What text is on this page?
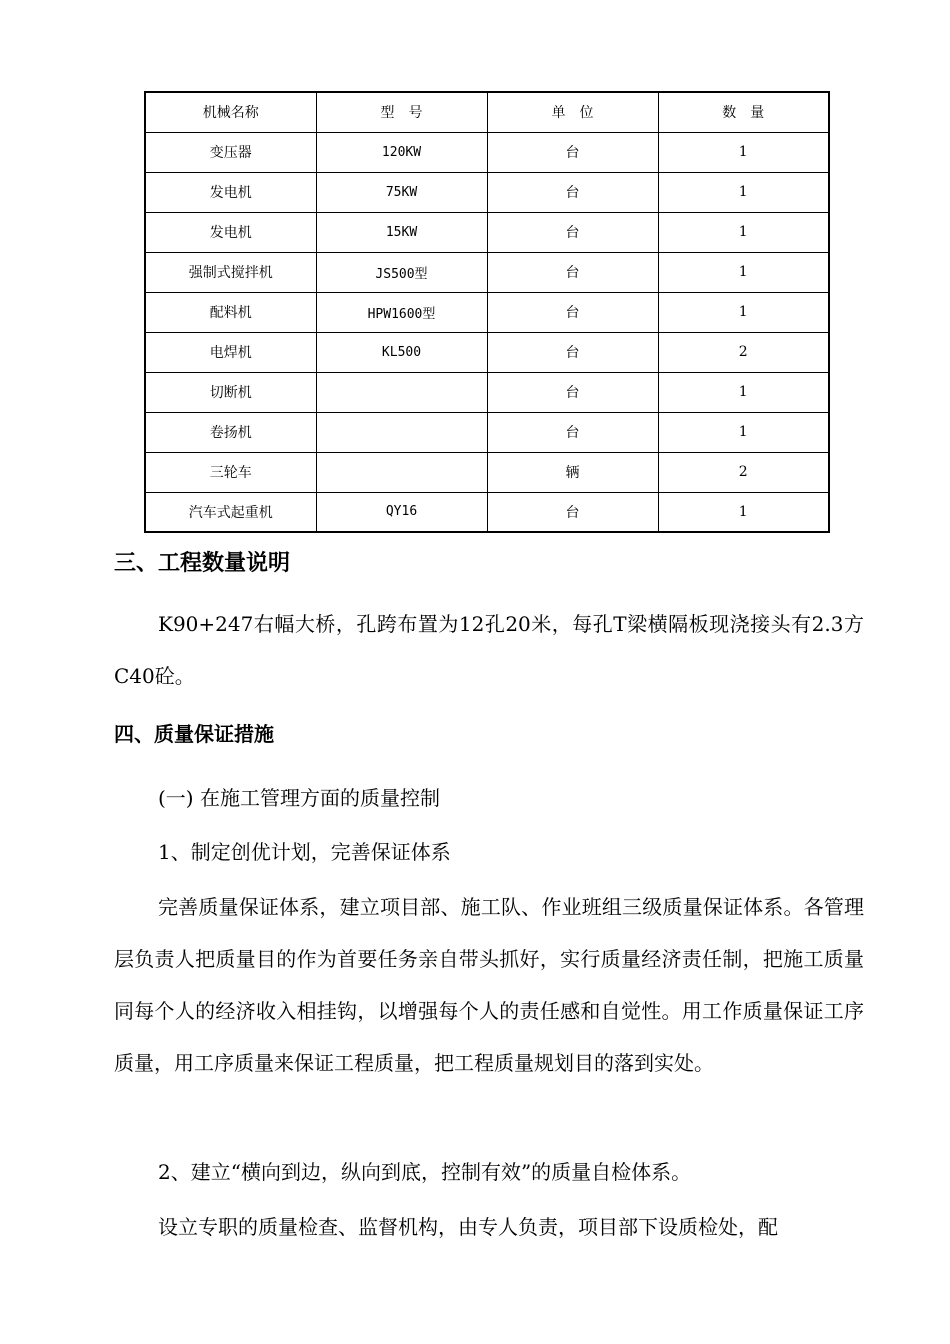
机械名称	型　号	单　位	数　量
变压器	120KW	台	1
发电机	75KW	台	1
发电机	15KW	台	1
强制式搅拌机	JS500型	台	1
配料机	HPW1600型	台	1
电焊机	KL500	台	2
切断机		台	1
卷扬机		台	1
三轮车		辆	2
汽车式起重机	QY16	台	1
三、工程数量说明

K90+247右幅大桥，孔跨布置为12孔20米，每孔T梁横隔板现浇接头有2.3方C40砼。

四、质量保证措施
(一) 在施工管理方面的质量控制
1、制定创优计划，完善保证体系

完善质量保证体系，建立项目部、施工队、作业班组三级质量保证体系。各管理层负责人把质量目的作为首要任务亲自带头抓好，实行质量经济责任制，把施工质量同每个人的经济收入相挂钩，以增强每个人的责任感和自觉性。用工作质量保证工序质量，用工序质量来保证工程质量，把工程质量规划目的落到实处。

2、建立“横向到边，纵向到底，控制有效”的质量自检体系。

设立专职的质量检查、监督机构，由专人负责，项目部下设质检处，配
